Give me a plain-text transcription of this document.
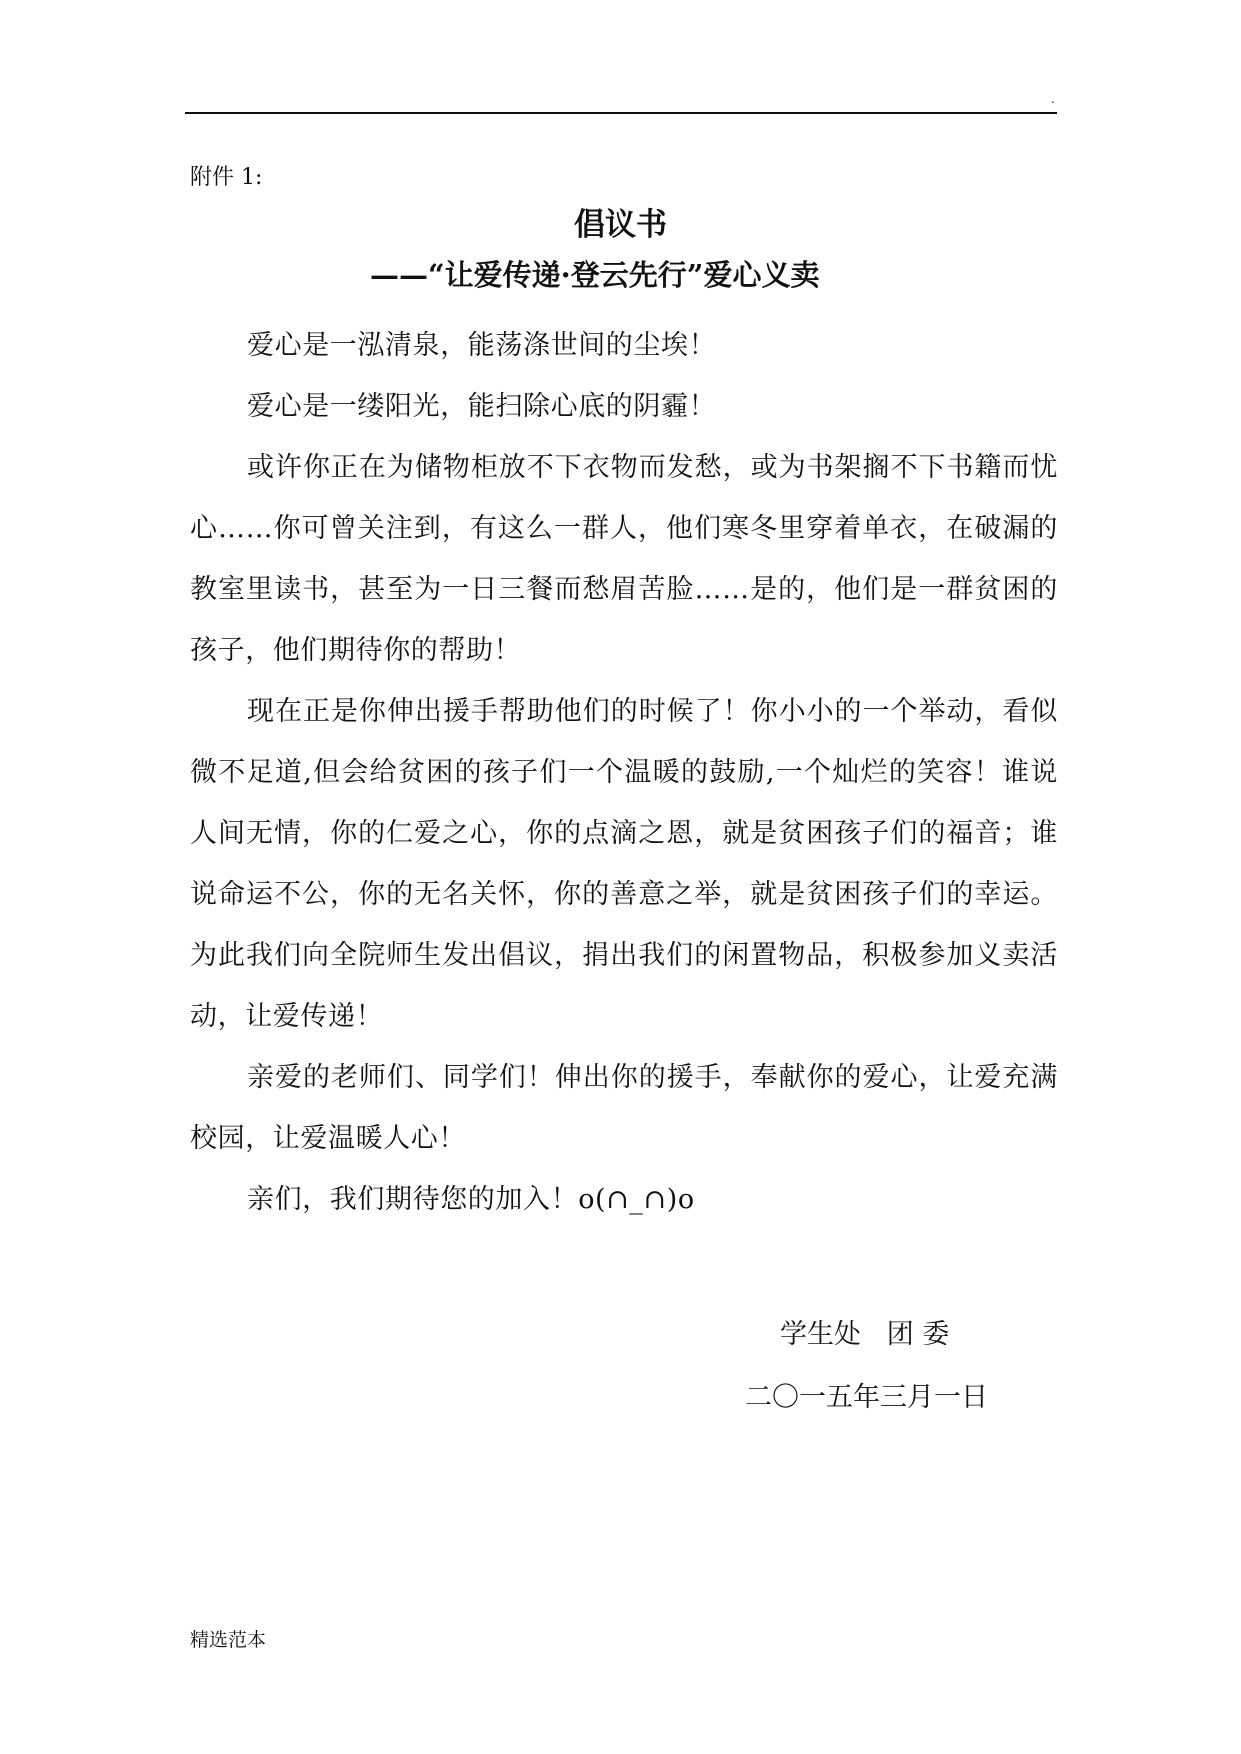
.
附件 1:
倡议书
——“让爱传递·登云先行”爱心义卖

爱心是一泓清泉，能荡涤世间的尘埃！

爱心是一缕阳光，能扫除心底的阴霾！

或许你正在为储物柜放不下衣物而发愁，或为书架搁不下书籍而忧心……你可曾关注到，有这么一群人，他们寒冬里穿着单衣，在破漏的教室里读书，甚至为一日三餐而愁眉苦脸……是的，他们是一群贫困的孩子，他们期待你的帮助！

现在正是你伸出援手帮助他们的时候了！你小小的一个举动，看似微不足道,但会给贫困的孩子们一个温暖的鼓励,一个灿烂的笑容！谁说人间无情，你的仁爱之心，你的点滴之恩，就是贫困孩子们的福音；谁说命运不公，你的无名关怀，你的善意之举，就是贫困孩子们的幸运。为此我们向全院师生发出倡议，捐出我们的闲置物品，积极参加义卖活动，让爱传递！

亲爱的老师们、同学们！伸出你的援手，奉献你的爱心，让爱充满校园，让爱温暖人心！

亲们，我们期待您的加入！o(∩_∩)o

学生处   团 委
二〇一五年三月一日
精选范本
